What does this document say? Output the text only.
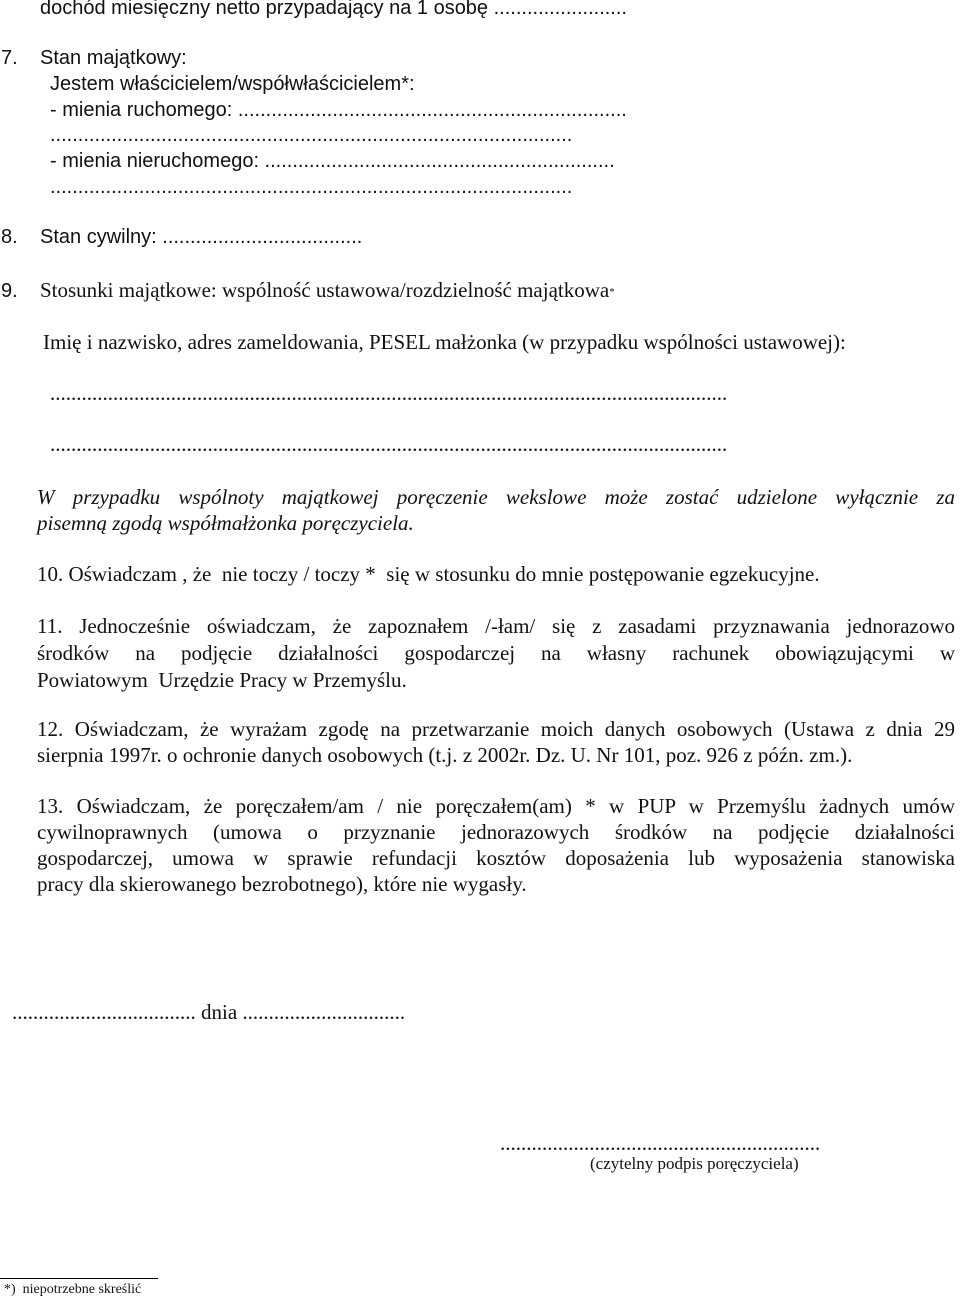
dochód miesięczny netto przypadający na 1 osobę ........................
7. Stan majątkowy:
Jestem właścicielem/współwłaścicielem*:
- mienia ruchomego: ......................................................................
..............................................................................................
- mienia nieruchomego: ...............................................................
..............................................................................................
8. Stan cywilny: ....................................
9. Stosunki majątkowe: wspólność ustawowa/rozdzielność majątkowa*
Imię i nazwisko, adres zameldowania, PESEL małżonka (w przypadku wspólności ustawowej):
.................................................................................................................................
.................................................................................................................................
W przypadku wspólnoty majątkowej poręczenie wekslowe może zostać udzielone wyłącznie za
pisemną zgodą współmałżonka poręczyciela.
10. Oświadczam , że  nie toczy / toczy *  się w stosunku do mnie postępowanie egzekucyjne.
11. Jednocześnie oświadczam, że zapoznałem /-łam/ się z zasadami przyznawania jednorazowo
środków na podjęcie działalności gospodarczej na własny rachunek obowiązującymi w
Powiatowym  Urzędzie Pracy w Przemyślu.
12. Oświadczam, że wyrażam zgodę na przetwarzanie moich danych osobowych (Ustawa z dnia 29
sierpnia 1997r. o ochronie danych osobowych (t.j. z 2002r. Dz. U. Nr 101, poz. 926 z późn. zm.).
13. Oświadczam, że poręczałem/am / nie poręczałem(am) * w PUP w Przemyślu żadnych umów
cywilnoprawnych (umowa o przyznanie jednorazowych środków na podjęcie działalności
gospodarczej, umowa w sprawie refundacji kosztów doposażenia lub wyposażenia stanowiska
pracy dla skierowanego bezrobotnego), które nie wygasły.
................................... dnia ...............................
.............................................................
(czytelny podpis poręczyciela)
*)  niepotrzebne skreślić
